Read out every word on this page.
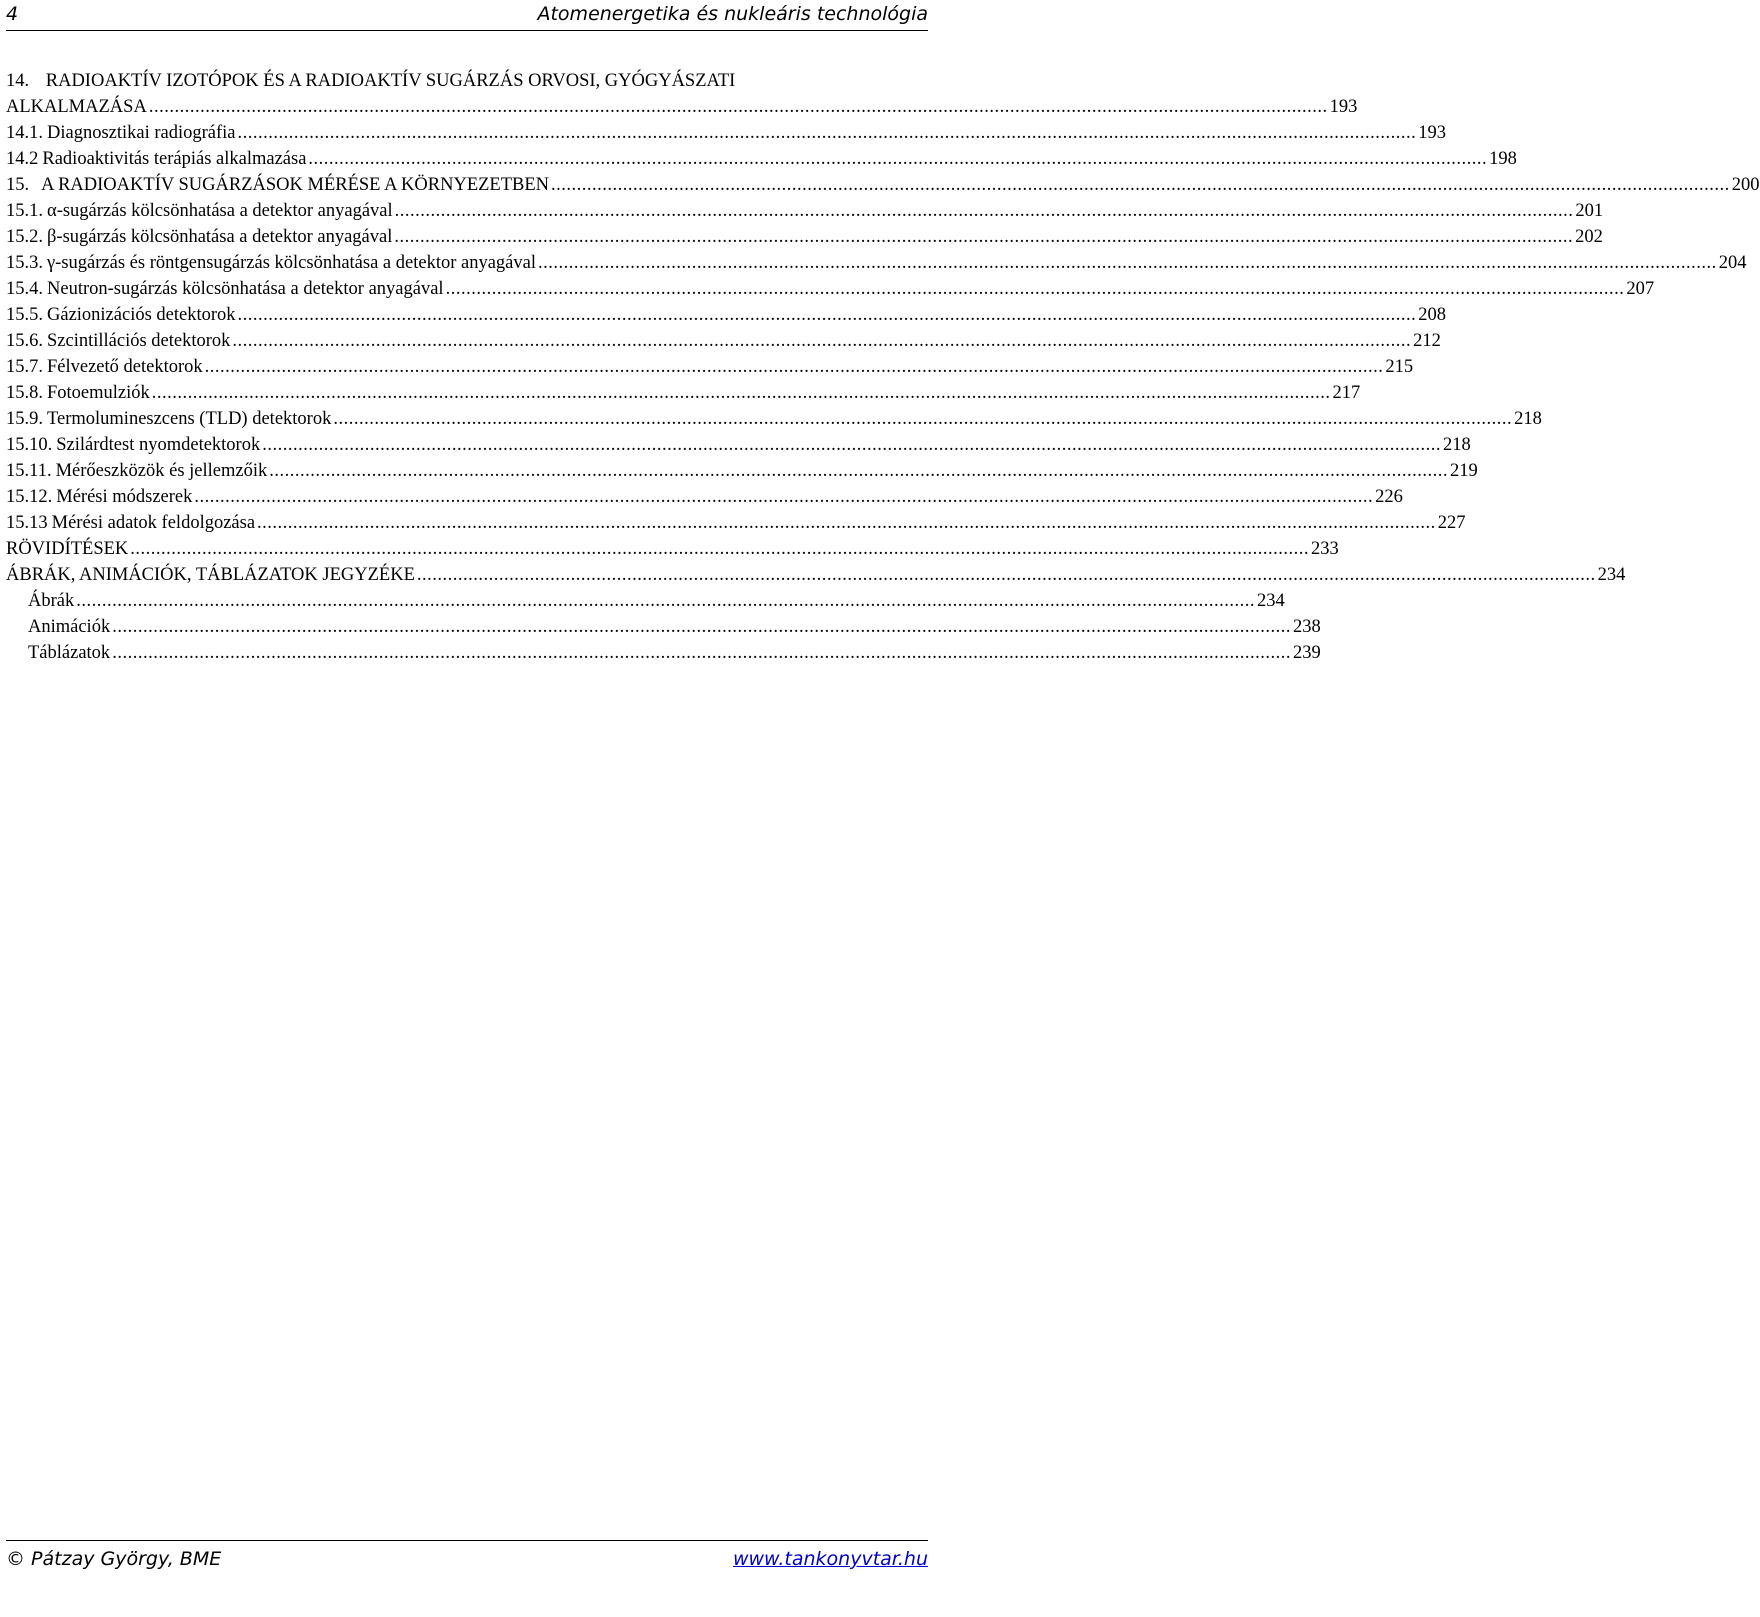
4	Atomenergetika és nukleáris technológia
14. RADIOAKTÍV IZOTÓPOK ÉS A RADIOAKTÍV SUGÁRZÁS ORVOSI, GYÓGYÁSZATI
ALKALMAZÁSA .....	193
14.1. Diagnosztikai radiográfia .....	193
14.2 Radioaktivitás terápiás alkalmazása .....	198
15. A RADIOAKTÍV SUGÁRZÁSOK MÉRÉSE A KÖRNYEZETBEN .....	200
15.1. α-sugárzás kölcsönhatása a detektor anyagával .....	201
15.2. β-sugárzás kölcsönhatása a detektor anyagával .....	202
15.3. γ-sugárzás és röntgensugárzás kölcsönhatása a detektor anyagával .....	204
15.4. Neutron-sugárzás kölcsönhatása a detektor anyagával .....	207
15.5. Gázionizációs detektorok .....	208
15.6. Szcintillációs detektorok .....	212
15.7. Félvezető detektorok .....	215
15.8. Fotoemulziók .....	217
15.9. Termolumineszcens (TLD) detektorok .....	218
15.10. Szilárdtest nyomdetektorok .....	218
15.11. Mérőeszközök és jellemzőik .....	219
15.12. Mérési módszerek .....	226
15.13 Mérési adatok feldolgozása .....	227
RÖVIDÍTÉSEK .....	233
ÁBRÁK, ANIMÁCIÓK, TÁBLÁZATOK JEGYZÉKE .....	234
Ábrák .....	234
Animációk .....	238
Táblázatok .....	239
© Pátzay György, BME	www.tankonyvtar.hu
